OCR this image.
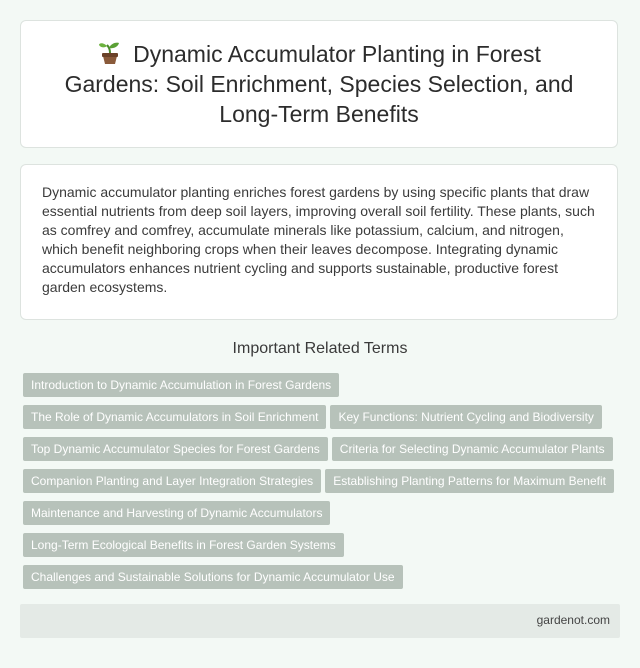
Dynamic Accumulator Planting in Forest Gardens: Soil Enrichment, Species Selection, and Long-Term Benefits

Dynamic accumulator planting enriches forest gardens by using specific plants that draw essential nutrients from deep soil layers, improving overall soil fertility. These plants, such as comfrey and comfrey, accumulate minerals like potassium, calcium, and nitrogen, which benefit neighboring crops when their leaves decompose. Integrating dynamic accumulators enhances nutrient cycling and supports sustainable, productive forest garden ecosystems.

Important Related Terms
Introduction to Dynamic Accumulation in Forest Gardens
The Role of Dynamic Accumulators in Soil Enrichment Key Functions: Nutrient Cycling and Biodiversity
Top Dynamic Accumulator Species for Forest Gardens Criteria for Selecting Dynamic Accumulator Plants
Companion Planting and Layer Integration Strategies Establishing Planting Patterns for Maximum Benefit
Maintenance and Harvesting of Dynamic Accumulators
Long-Term Ecological Benefits in Forest Garden Systems
Challenges and Sustainable Solutions for Dynamic Accumulator Use
gardenot.com
